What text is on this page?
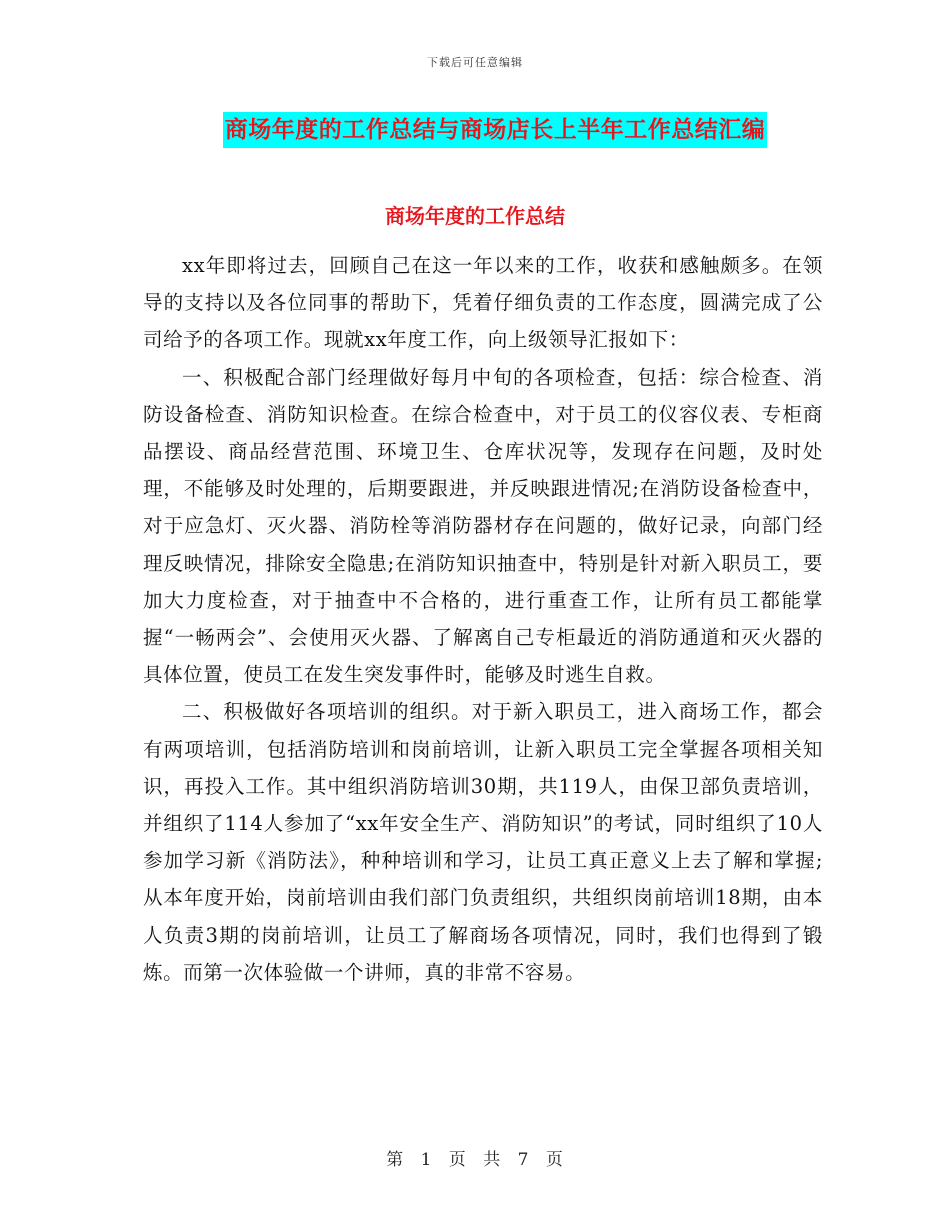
下载后可任意编辑
商场年度的工作总结与商场店长上半年工作总结汇编
商场年度的工作总结

xx年即将过去，回顾自己在这一年以来的工作，收获和感触颇多。在领导的支持以及各位同事的帮助下，凭着仔细负责的工作态度，圆满完成了公司给予的各项工作。现就xx年度工作，向上级领导汇报如下：

一、积极配合部门经理做好每月中旬的各项检查，包括：综合检查、消防设备检查、消防知识检查。在综合检查中，对于员工的仪容仪表、专柜商品摆设、商品经营范围、环境卫生、仓库状况等，发现存在问题，及时处理，不能够及时处理的，后期要跟进，并反映跟进情况;在消防设备检查中，对于应急灯、灭火器、消防栓等消防器材存在问题的，做好记录，向部门经理反映情况，排除安全隐患;在消防知识抽查中，特别是针对新入职员工，要加大力度检查，对于抽查中不合格的，进行重查工作，让所有员工都能掌握“一畅两会”、会使用灭火器、了解离自己专柜最近的消防通道和灭火器的具体位置，使员工在发生突发事件时，能够及时逃生自救。

二、积极做好各项培训的组织。对于新入职员工，进入商场工作，都会有两项培训，包括消防培训和岗前培训，让新入职员工完全掌握各项相关知识，再投入工作。其中组织消防培训30期，共119人，由保卫部负责培训，并组织了114人参加了“xx年安全生产、消防知识”的考试，同时组织了10人参加学习新《消防法》，种种培训和学习，让员工真正意义上去了解和掌握;从本年度开始，岗前培训由我们部门负责组织，共组织岗前培训18期，由本人负责3期的岗前培训，让员工了解商场各项情况，同时，我们也得到了锻炼。而第一次体验做一个讲师，真的非常不容易。

第 1 页 共 7 页
